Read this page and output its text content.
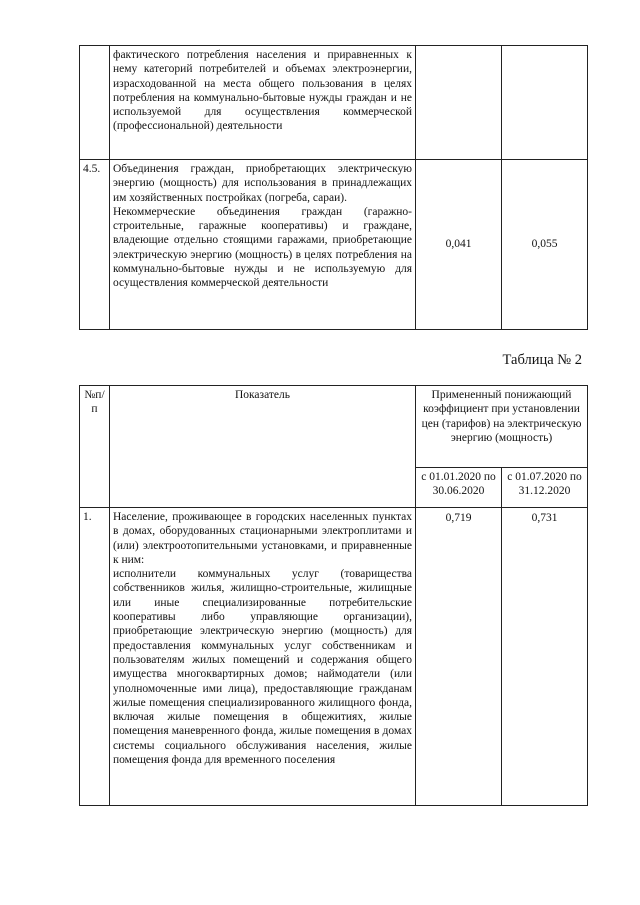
	фактического потребления населения и приравненных к нему категорий потребителей и объемах электроэнергии, израсходованной на места общего пользования в целях потребления на коммунально-бытовые нужды граждан и не используемой для осуществления коммерческой (профессиональной) деятельности		

4.5.	Объединения граждан, приобретающих электрическую энергию (мощность) для использования в принадлежащих им хозяйственных постройках (погреба, сараи).

Некоммерческие объединения граждан (гаражно-строительные, гаражные кооперативы) и граждане, владеющие отдельно стоящими гаражами, приобретающие электрическую энергию (мощность) в целях потребления на коммунально-бытовые нужды и не используемую для осуществления коммерческой деятельности	0,041	0,055
Таблица № 2
№п/п	Показатель	Примененный понижающий коэффициент при установлении цен (тарифов) на электрическую энергию (мощность)	
		с 01.01.2020 по 30.06.2020	с 01.07.2020 по 31.12.2020
1.	Население, проживающее в городских населенных пунктах в домах, оборудованных стационарными электроплитами и (или) электроотопительными установками, и приравненные к ним:

исполнители коммунальных услуг (товарищества собственников жилья, жилищно-строительные, жилищные или иные специализированные потребительские кооперативы либо управляющие организации), приобретающие электрическую энергию (мощность) для предоставления коммунальных услуг собственникам и пользователям жилых помещений и содержания общего имущества многоквартирных домов; наймодатели (или уполномоченные ими лица), предоставляющие гражданам жилые помещения специализированного жилищного фонда, включая жилые помещения в общежитиях, жилые помещения маневренного фонда, жилые помещения в домах системы социального обслуживания населения, жилые помещения фонда для временного поселения	0,719	0,731
